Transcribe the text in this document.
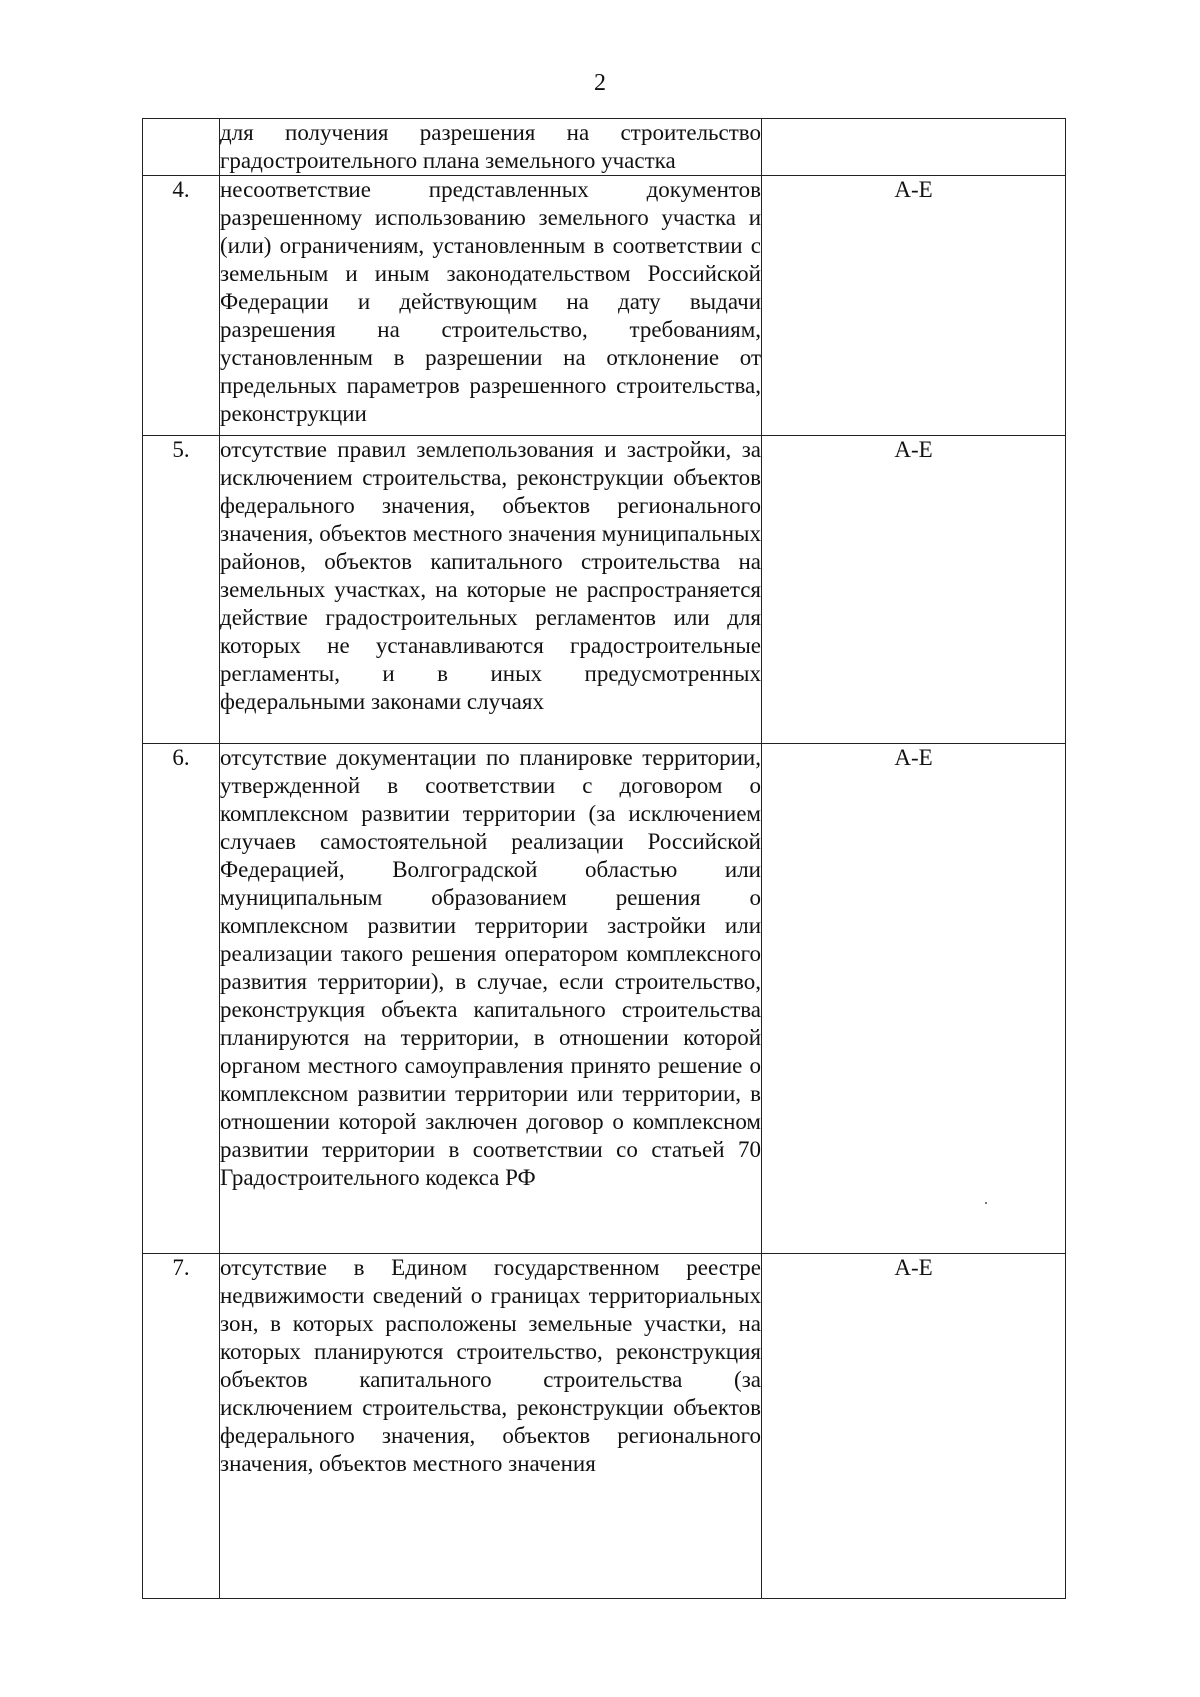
2
	для получения разрешения на строительство градостроительного плана земельного участка	
4.	несоответствие представленных документов разрешенному использованию земельного участка и (или) ограничениям, установленным в соответствии с земельным и иным законодательством Российской Федерации и действующим на дату выдачи разрешения на строительство, требованиям, установленным в разрешении на отклонение от предельных параметров разрешенного строительства, реконструкции	А-Е
5.	отсутствие правил землепользования и застройки, за исключением строительства, реконструкции объектов федерального значения, объектов регионального значения, объектов местного значения муниципальных районов, объектов капитального строительства на земельных участках, на которые не распространяется действие градостроительных регламентов или для которых не устанавливаются градостроительные регламенты, и в иных предусмотренных федеральными законами случаях	А-Е
6.	отсутствие документации по планировке территории, утвержденной в соответствии с договором о комплексном развитии территории (за исключением случаев самостоятельной реализации Российской Федерацией, Волгоградской областью или муниципальным образованием решения о комплексном развитии территории застройки или реализации такого решения оператором комплексного развития территории), в случае, если строительство, реконструкция объекта капитального строительства планируются на территории, в отношении которой органом местного самоуправления принято решение о комплексном развитии территории или территории, в отношении которой заключен договор о комплексном развитии территории в соответствии со статьей 70 Градостроительного кодекса РФ	А-Е
7.	отсутствие в Едином государственном реестре недвижимости сведений о границах территориальных зон, в которых расположены земельные участки, на которых планируются строительство, реконструкция объектов капитального строительства (за исключением строительства, реконструкции объектов федерального значения, объектов регионального значения, объектов местного значения	А-Е
